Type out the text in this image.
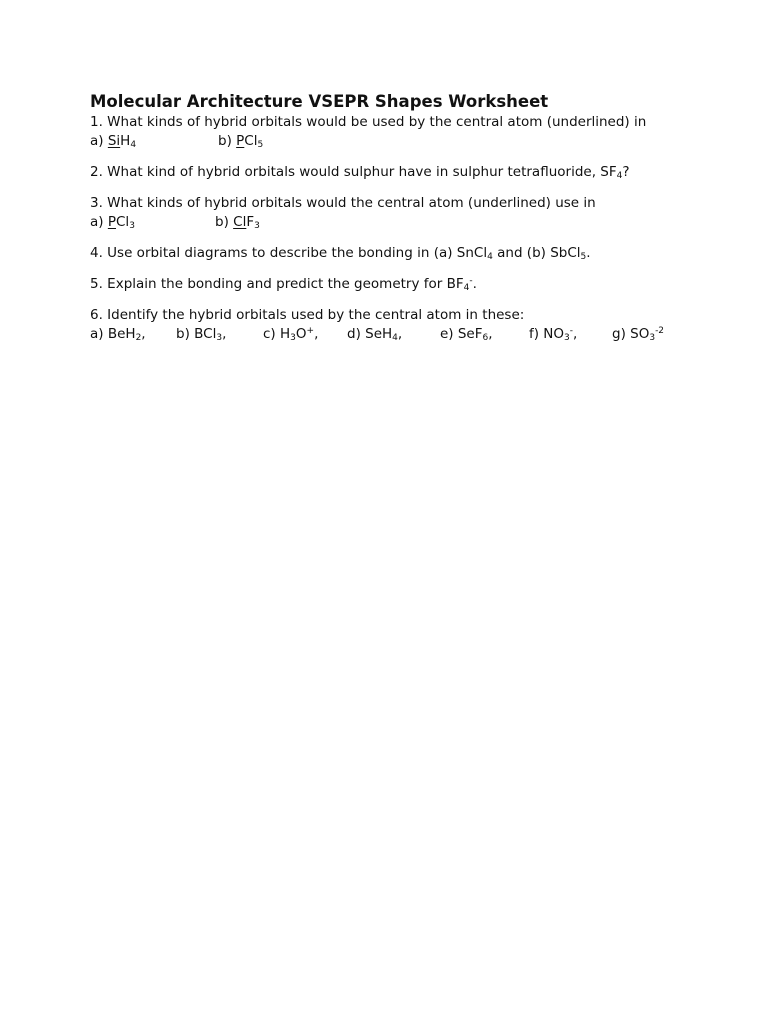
Molecular Architecture VSEPR Shapes Worksheet

1. What kinds of hybrid orbitals would be used by the central atom (underlined) in

a) SiH$_4$	b) PCl$_5$

2. What kind of hybrid orbitals would sulphur have in sulphur tetrafluoride, $SF_4$?

3. What kinds of hybrid orbitals would the central atom (underlined) use in

a) PCl$_3$	b) ClF$_3$

4. Use orbital diagrams to describe the bonding in (a) SnCl$_4$ and (b) SbCl$_5$.

5. Explain the bonding and predict the geometry for $BF_4^-$.

6. Identify the hybrid orbitals used by the central atom in these:

a) BeH$_2$, b) BCl$_3$,	c) $H_3O^+$, d) SeH$_4$,	e) SeF$_6$,	f) $NO_3^-$,	g) $SO_3^{-2}$
